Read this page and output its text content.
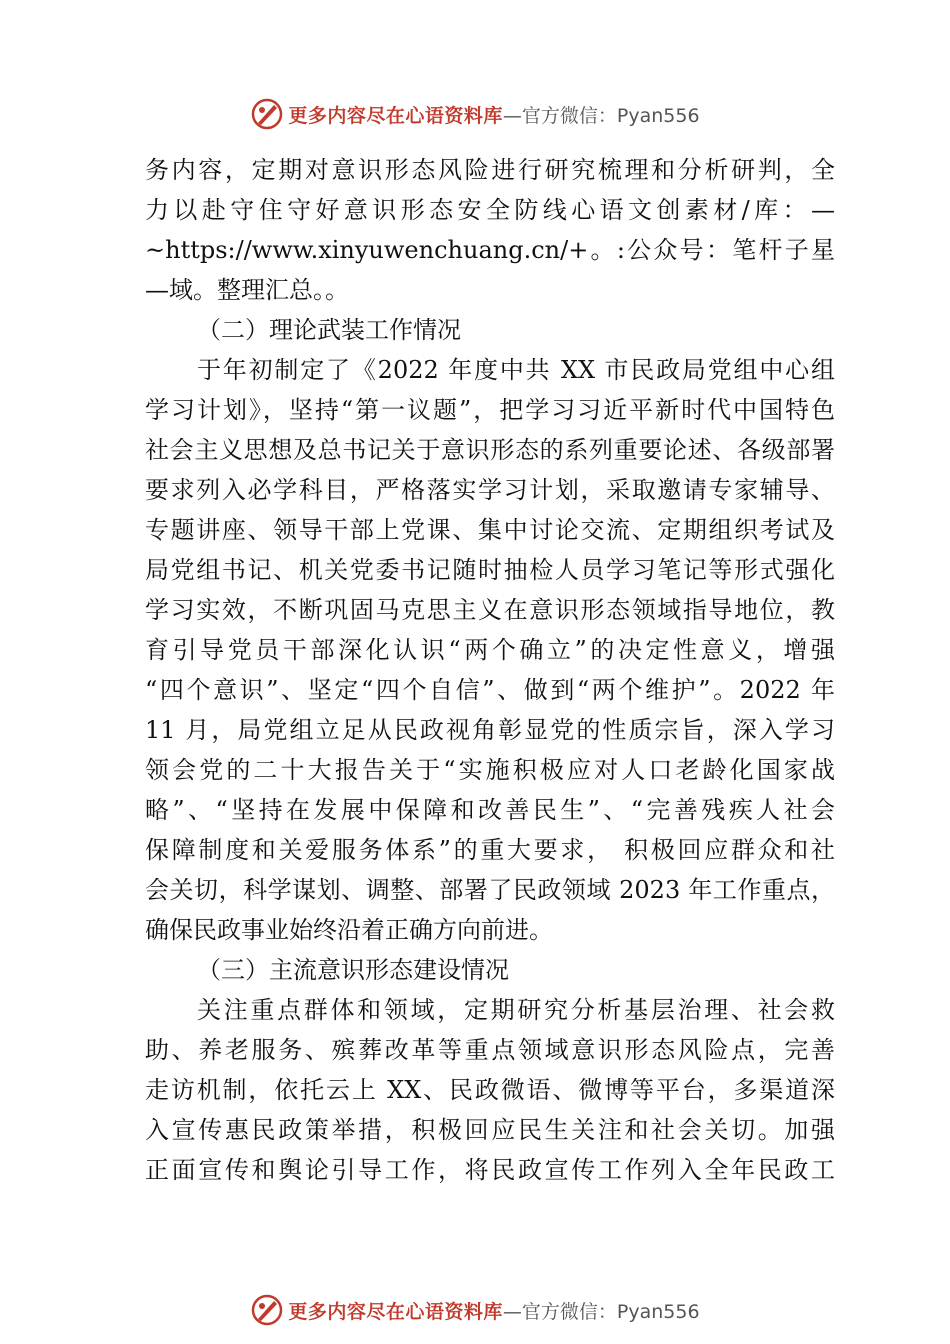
更多内容尽在心语资料库 —官方微信：Pyan556
务内容，定期对意识形态风险进行研究梳理和分析研判，全
力以赴守住守好意识形态安全防线心语文创素材/库：—
~https://www.xinyuwenchuang.cn/+。:公众号：笔杆子星
—域。整理汇总。。
（二）理论武装工作情况
于年初制定了《2022 年度中共 XX 市民政局党组中心组
学习计划》，坚持“第一议题”，把学习习近平新时代中国特色
社会主义思想及总书记关于意识形态的系列重要论述、各级部署
要求列入必学科目，严格落实学习计划，采取邀请专家辅导、
专题讲座、领导干部上党课、集中讨论交流、定期组织考试及
局党组书记、机关党委书记随时抽检人员学习笔记等形式强化
学习实效，不断巩固马克思主义在意识形态领域指导地位，教
育引导党员干部深化认识“两个确立”的决定性意义，增强
“四个意识”、坚定“四个自信”、做到“两个维护”。2022 年
11 月，局党组立足从民政视角彰显党的性质宗旨，深入学习
领会党的二十大报告关于“实施积极应对人口老龄化国家战
略”、“坚持在发展中保障和改善民生”、“完善残疾人社会
保障制度和关爱服务体系”的重大要求， 积极回应群众和社
会关切，科学谋划、调整、部署了民政领域 2023 年工作重点，
确保民政事业始终沿着正确方向前进。
（三）主流意识形态建设情况
关注重点群体和领域，定期研究分析基层治理、社会救
助、养老服务、殡葬改革等重点领域意识形态风险点，完善
走访机制，依托云上 XX、民政微语、微博等平台，多渠道深
入宣传惠民政策举措，积极回应民生关注和社会关切。加强
正面宣传和舆论引导工作，将民政宣传工作列入全年民政工
更多内容尽在心语资料库 —官方微信：Pyan556
